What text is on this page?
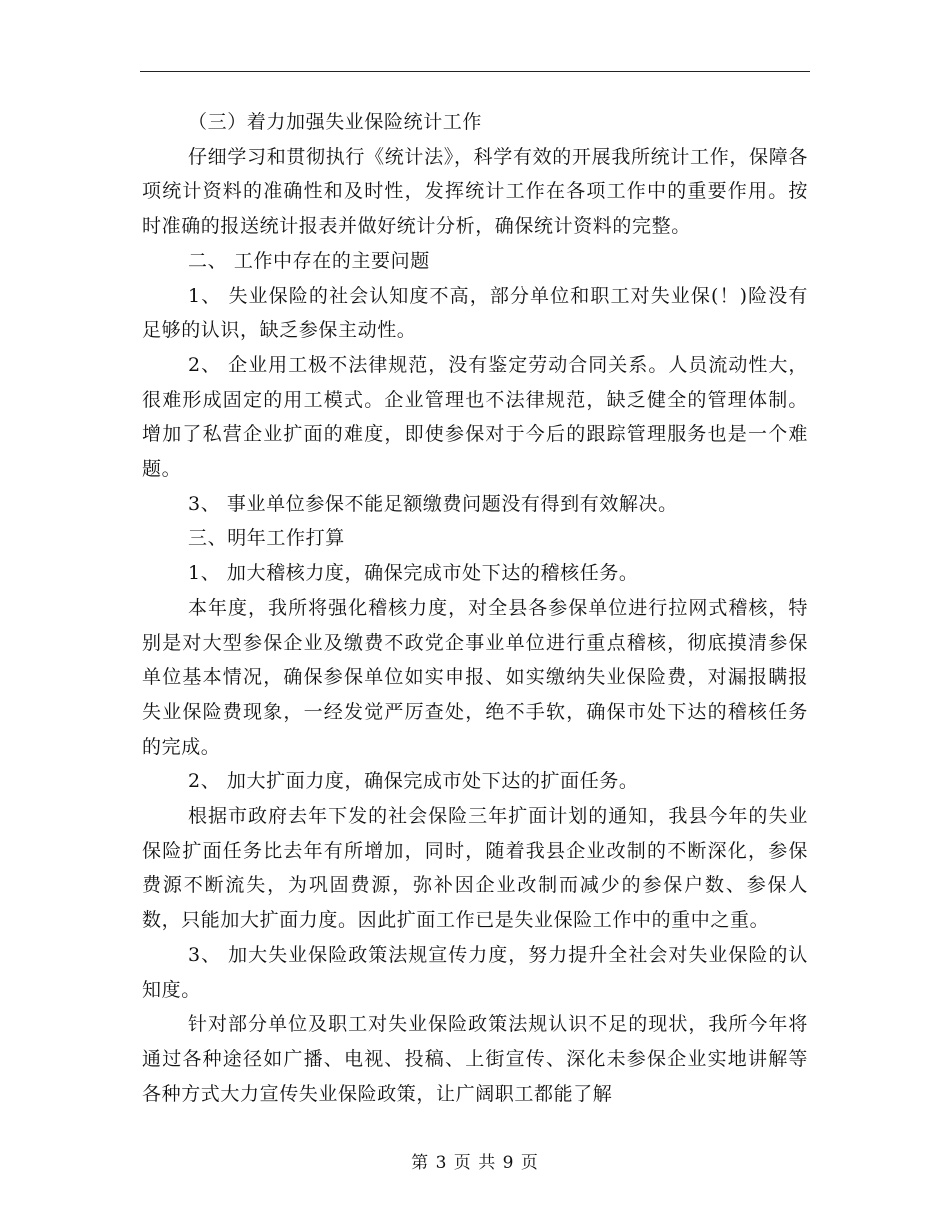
（三）着力加强失业保险统计工作

仔细学习和贯彻执行《统计法》，科学有效的开展我所统计工作，保障各项统计资料的准确性和及时性，发挥统计工作在各项工作中的重要作用。按时准确的报送统计报表并做好统计分析，确保统计资料的完整。

二、 工作中存在的主要问题

1、 失业保险的社会认知度不高，部分单位和职工对失业保(！)险没有足够的认识，缺乏参保主动性。

2、 企业用工极不法律规范，没有鉴定劳动合同关系。人员流动性大，很难形成固定的用工模式。企业管理也不法律规范，缺乏健全的管理体制。增加了私营企业扩面的难度，即使参保对于今后的跟踪管理服务也是一个难题。

3、 事业单位参保不能足额缴费问题没有得到有效解决。

三、明年工作打算

1、 加大稽核力度，确保完成市处下达的稽核任务。

本年度，我所将强化稽核力度，对全县各参保单位进行拉网式稽核，特别是对大型参保企业及缴费不政党企事业单位进行重点稽核，彻底摸清参保单位基本情况，确保参保单位如实申报、如实缴纳失业保险费，对漏报瞒报失业保险费现象，一经发觉严厉查处，绝不手软，确保市处下达的稽核任务的完成。

2、 加大扩面力度，确保完成市处下达的扩面任务。

根据市政府去年下发的社会保险三年扩面计划的通知，我县今年的失业保险扩面任务比去年有所增加，同时，随着我县企业改制的不断深化，参保费源不断流失，为巩固费源，弥补因企业改制而减少的参保户数、参保人数，只能加大扩面力度。因此扩面工作已是失业保险工作中的重中之重。

3、 加大失业保险政策法规宣传力度，努力提升全社会对失业保险的认知度。

针对部分单位及职工对失业保险政策法规认识不足的现状，我所今年将通过各种途径如广播、电视、投稿、上街宣传、深化未参保企业实地讲解等各种方式大力宣传失业保险政策，让广阔职工都能了解

第 3 页 共 9 页
